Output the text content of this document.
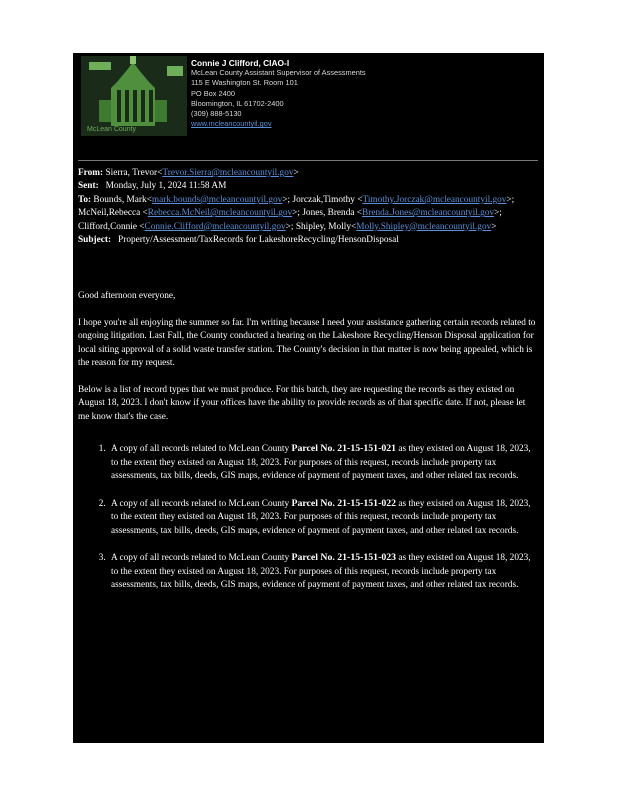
McLean County
Connie J Clifford, CIAO-I
McLean County Assistant Supervisor of Assessments
115 E Washington St. Room 101
PO Box 2400
Bloomington, IL 61702-2400
(309) 888-5130
www.mcleancountyil.gov
From: Sierra, Trevor<Trevor.Sierra@mcleancountyil.gov>
Sent: Monday, July 1, 2024 11:58 AM
To: Bounds, Mark<mark.bounds@mcleancountyil.gov>; Jorczak,Timothy <Timothy.Jorczak@mcleancountyil.gov>; McNeil,Rebecca <Rebecca.McNeil@mcleancountyil.gov>; Jones, Brenda <Brenda.Jones@mcleancountyil.gov>; Clifford,Connie <Connie.Clifford@mcleancountyil.gov>; Shipley, Molly<Molly.Shipley@mcleancountyil.gov>
Subject: Property/Assessment/TaxRecords for LakeshoreRecycling/HensonDisposal

Good afternoon everyone,

I hope you're all enjoying the summer so far. I'm writing because I need your assistance gathering certain records related to ongoing litigation. Last Fall, the County conducted a hearing on the Lakeshore Recycling/Henson Disposal application for local siting approval of a solid waste transfer station. The County's decision in that matter is now being appealed, which is the reason for my request.

Below is a list of record types that we must produce. For this batch, they are requesting the records as they existed on August 18, 2023. I don't know if your offices have the ability to provide records as of that specific date. If not, please let me know that's the case.

1. A copy of all records related to McLean County Parcel No. 21-15-151-021 as they existed on August 18, 2023, to the extent they existed on August 18, 2023. For purposes of this request, records include property tax assessments, tax bills, deeds, GIS maps, evidence of payment of payment taxes, and other related tax records.
2. A copy of all records related to McLean County Parcel No. 21-15-151-022 as they existed on August 18, 2023, to the extent they existed on August 18, 2023. For purposes of this request, records include property tax assessments, tax bills, deeds, GIS maps, evidence of payment of payment taxes, and other related tax records.
3. A copy of all records related to McLean County Parcel No. 21-15-151-023 as they existed on August 18, 2023, to the extent they existed on August 18, 2023. For purposes of this request, records include property tax assessments, tax bills, deeds, GIS maps, evidence of payment of payment taxes, and other related tax records.
